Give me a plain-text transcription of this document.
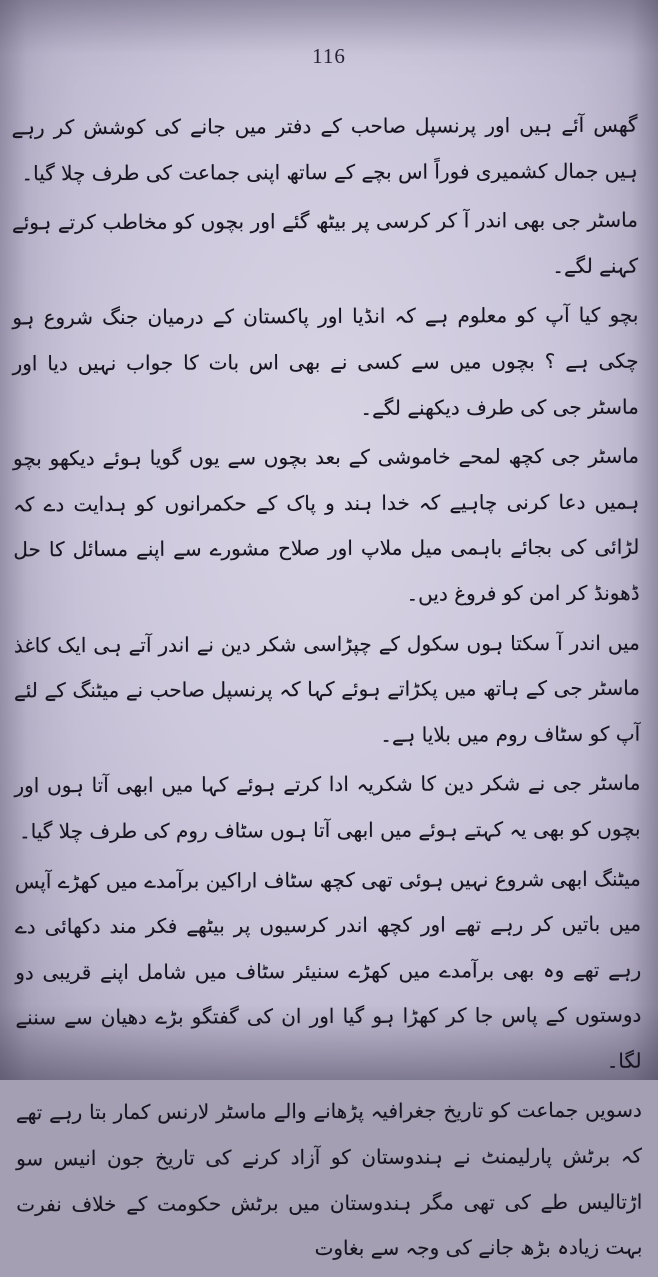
116

گھس آئے ہیں اور پرنسپل صاحب کے دفتر میں جانے کی کوشش کر رہے ہیں جمال کشمیری فوراً اس بچے کے ساتھ اپنی جماعت کی طرف چلا گیا۔

ماسٹر جی بھی اندر آ کر کرسی پر بیٹھ گئے اور بچوں کو مخاطب کرتے ہوئے کہنے لگے۔

بچو کیا آپ کو معلوم ہے کہ انڈیا اور پاکستان کے درمیان جنگ شروع ہو چکی ہے ؟ بچوں میں سے کسی نے بھی اس بات کا جواب نہیں دیا اور ماسٹر جی کی طرف دیکھنے لگے۔

ماسٹر جی کچھ لمحے خاموشی کے بعد بچوں سے یوں گویا ہوئے دیکھو بچو ہمیں دعا کرنی چاہیے کہ خدا ہند و پاک کے حکمرانوں کو ہدایت دے کہ لڑائی کی بجائے باہمی میل ملاپ اور صلاح مشورے سے اپنے مسائل کا حل ڈھونڈ کر امن کو فروغ دیں۔

میں اندر آ سکتا ہوں سکول کے چپڑاسی شکر دین نے اندر آتے ہی ایک کاغذ ماسٹر جی کے ہاتھ میں پکڑاتے ہوئے کہا کہ پرنسپل صاحب نے میٹنگ کے لئے آپ کو سٹاف روم میں بلایا ہے۔

ماسٹر جی نے شکر دین کا شکریہ ادا کرتے ہوئے کہا میں ابھی آتا ہوں اور بچوں کو بھی یہ کہتے ہوئے میں ابھی آتا ہوں سٹاف روم کی طرف چلا گیا۔

میٹنگ ابھی شروع نہیں ہوئی تھی کچھ سٹاف اراکین برآمدے میں کھڑے آپس میں باتیں کر رہے تھے اور کچھ اندر کرسیوں پر بیٹھے فکر مند دکھائی دے رہے تھے وہ بھی برآمدے میں کھڑے سنیئر سٹاف میں شامل اپنے قریبی دو دوستوں کے پاس جا کر کھڑا ہو گیا اور ان کی گفتگو بڑے دھیان سے سننے لگا۔

دسویں جماعت کو تاریخ جغرافیہ پڑھانے والے ماسٹر لارنس کمار بتا رہے تھے کہ برٹش پارلیمنٹ نے ہندوستان کو آزاد کرنے کی تاریخ جون انیس سو اڑتالیس طے کی تھی مگر ہندوستان میں برٹش حکومت کے خلاف نفرت بہت زیادہ بڑھ جانے کی وجہ سے بغاوت
